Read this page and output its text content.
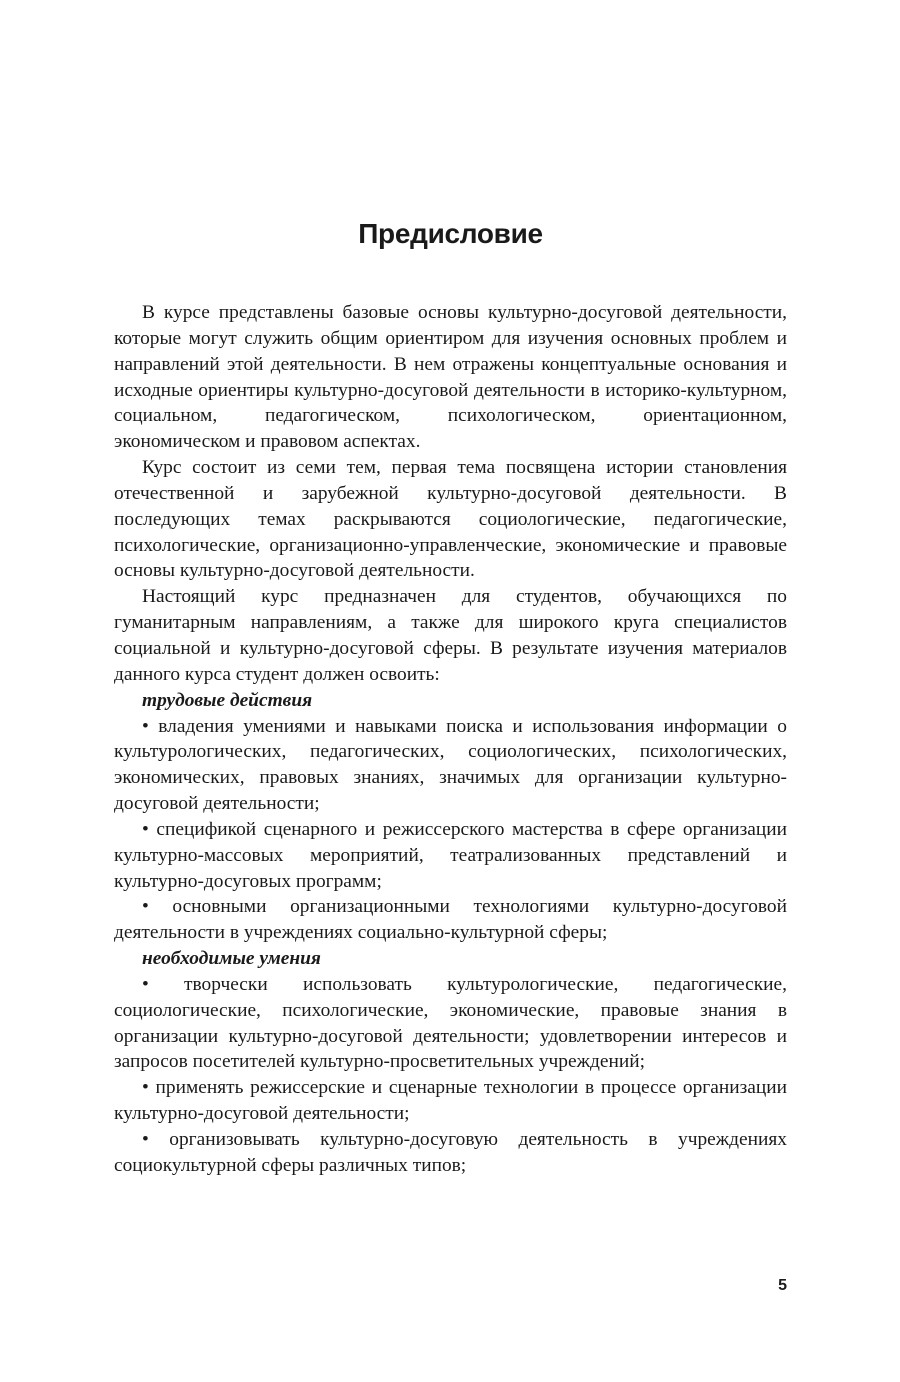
Предисловие

В курсе представлены базовые основы культурно-досуговой деятельности, которые могут служить общим ориентиром для изучения основных проблем и направлений этой деятельности. В нем отражены концептуальные основания и исходные ориентиры культурно-досуговой деятельности в историко-культурном, социальном, педагогическом, психологическом, ориентационном, экономическом и правовом аспектах.

Курс состоит из семи тем, первая тема посвящена истории становления отечественной и зарубежной культурно-досуговой деятельности. В последующих темах раскрываются социологические, педагогические, психологические, организационно-управленческие, экономические и правовые основы культурно-досуговой деятельности.

Настоящий курс предназначен для студентов, обучающихся по гуманитарным направлениям, а также для широкого круга специалистов социальной и культурно-досуговой сферы. В результате изучения материалов данного курса студент должен освоить:

трудовые действия

• владения умениями и навыками поиска и использования информации о культурологических, педагогических, социологических, психологических, экономических, правовых знаниях, значимых для организации культурно-досуговой деятельности;

• спецификой сценарного и режиссерского мастерства в сфере организации культурно-массовых мероприятий, театрализованных представлений и культурно-досуговых программ;

• основными организационными технологиями культурно-досуговой деятельности в учреждениях социально-культурной сферы;

необходимые умения

• творчески использовать культурологические, педагогические, социологические, психологические, экономические, правовые знания в организации культурно-досуговой деятельности; удовлетворении интересов и запросов посетителей культурно-просветительных учреждений;

• применять режиссерские и сценарные технологии в процессе организации культурно-досуговой деятельности;

• организовывать культурно-досуговую деятельность в учреждениях социокультурной сферы различных типов;

5
